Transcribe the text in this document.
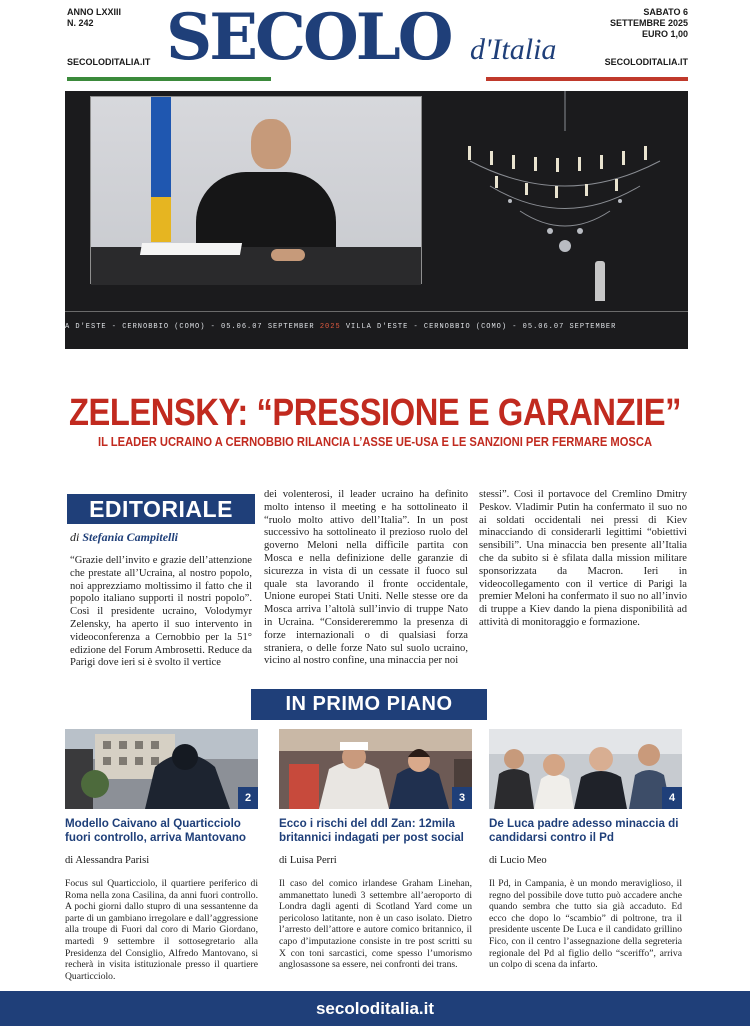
ANNO LXXIII
N. 242
SABATO 6
SETTEMBRE 2025
EURO 1,00
SECOLO d'Italia
SECOLODITALIA.IT	SECOLODITALIA.IT
A D'ESTE - CERNOBBIO (COMO) - 05.06.07 SEPTEMBER 2025 VILLA D'ESTE - CERNOBBIO (COMO) - 05.06.07 SEPTEMBER
ZELENSKY: “PRESSIONE E GARANZIE”
IL LEADER UCRAINO A CERNOBBIO RILANCIA L’ASSE UE-USA E LE SANZIONI PER FERMARE MOSCA
EDITORIALE
di Stefania Campitelli
“Grazie dell’invito e grazie dell’attenzione che prestate all’Ucraina, al nostro popolo, noi apprezziamo moltissimo il fatto che il popolo italiano supporti il nostri popolo”. Così il presidente ucraino, Volodymyr Zelensky, ha aperto il suo intervento in videoconferenza a Cernobbio per la 51° edizione del Forum Ambrosetti. Reduce da Parigi dove ieri si è svolto il vertice
dei volenterosi, il leader ucraino ha definito molto intenso il meeting e ha sottolineato il “ruolo molto attivo dell’Italia”. In un post successivo ha sottolineato il prezioso ruolo del governo Meloni nella difficile partita con Mosca e nella definizione delle garanzie di sicurezza in vista di un cessate il fuoco sul quale sta lavorando il fronte occidentale, Unione europei Stati Uniti. Nelle stesse ore da Mosca arriva l’altolà sull’invio di truppe Nato in Ucraina. “Considereremmo la presenza di forze internazionali o di qualsiasi forza straniera, o delle forze Nato sul suolo ucraino, vicino al nostro confine, una minaccia per noi
stessi”. Così il portavoce del Cremlino Dmitry Peskov. Vladimir Putin ha confermato il suo no ai soldati occidentali nei pressi di Kiev minacciando di considerarli legittimi “obiettivi sensibili”. Una minaccia ben presente all’Italia che da subito si è sfilata dalla mission militare sponsorizzata da Macron. Ieri in videocollegamento con il vertice di Parigi la premier Meloni ha confermato il suo no all’invio di truppe a Kiev dando la piena disponibilità ad attività di monitoraggio e formazione.
IN PRIMO PIANO
2
Modello Caivano al Quarticciolo fuori controllo, arriva Mantovano
di Alessandra Parisi
Focus sul Quarticciolo, il quartiere periferico di Roma nella zona Casilina, da anni fuori controllo. A pochi giorni dallo stupro di una sessantenne da parte di un gambiano irregolare e dall’aggressione alla troupe di Fuori dal coro di Mario Giordano, martedì 9 settembre il sottosegretario alla Presidenza del Consiglio, Alfredo Mantovano, si recherà in visita istituzionale presso il quartiere Quarticciolo.
3
Ecco i rischi del ddl Zan: 12mila britannici indagati per post social
di Luisa Perri
Il caso del comico irlandese Graham Linehan, ammanettato lunedì 3 settembre all’aeroporto di Londra dagli agenti di Scotland Yard come un pericoloso latitante, non è un caso isolato. Dietro l’arresto dell’attore e autore comico britannico, il capo d’imputazione consiste in tre post scritti su X con toni sarcastici, come spesso l’umorismo anglosassone sa essere, nei confronti dei trans.
4
De Luca padre adesso minaccia di candidarsi contro il Pd
di Lucio Meo
Il Pd, in Campania, è un mondo meraviglioso, il regno del possibile dove tutto può accadere anche quando sembra che tutto sia già accaduto. Ed ecco che dopo lo “scambio” di poltrone, tra il presidente uscente De Luca e il candidato grillino Fico, con il centro l’assegnazione della segreteria regionale del Pd al figlio dello “sceriffo”, arriva un colpo di scena da infarto.
secoloditalia.it
